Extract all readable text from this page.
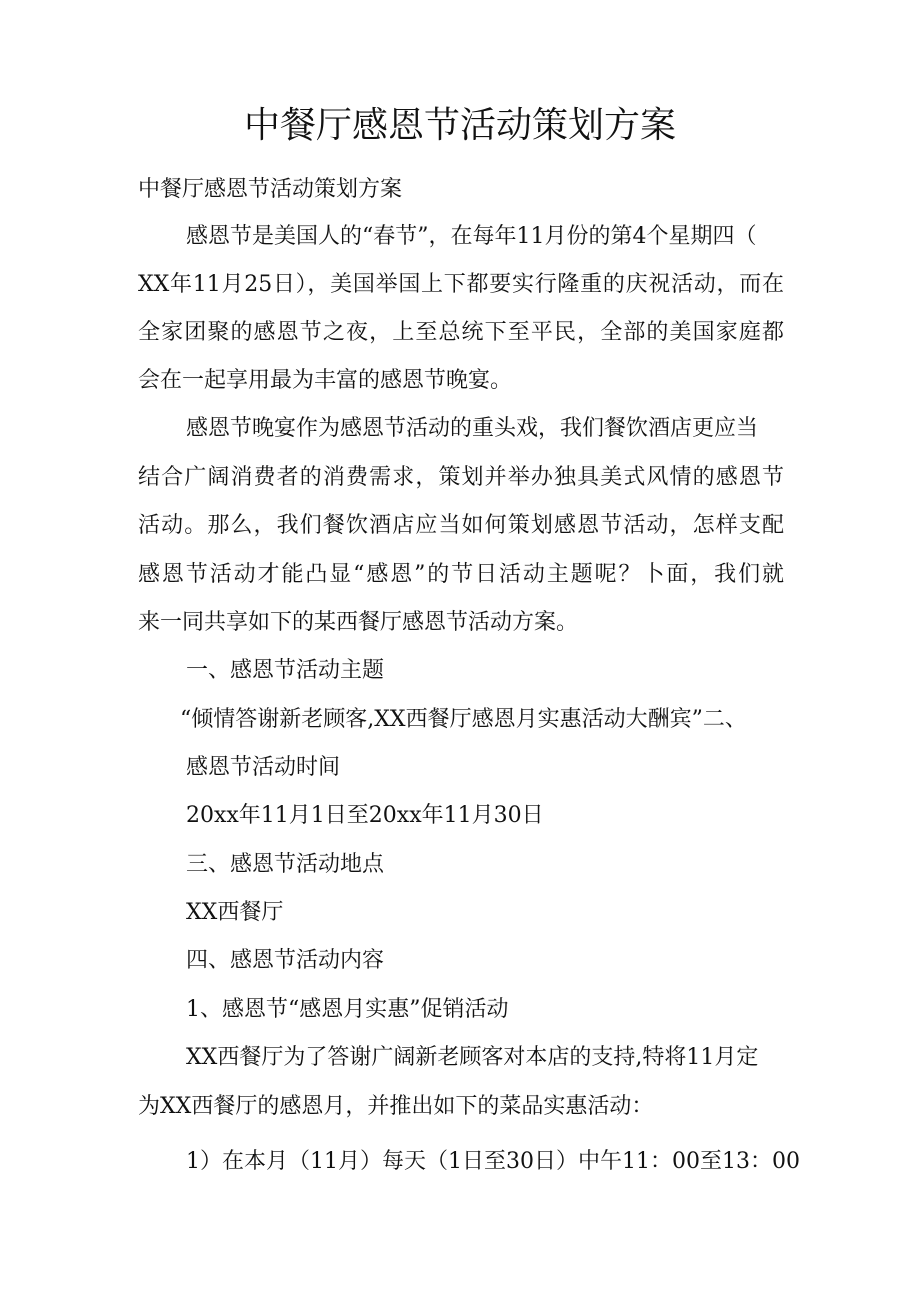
中餐厅感恩节活动策划方案
中餐厅感恩节活动策划方案
感恩节是美国人的“春节”，在每年11月份的第4个星期四（
XX年11月25日），美国举国上下都要实行隆重的庆祝活动，而在
全家团聚的感恩节之夜，上至总统下至平民，全部的美国家庭都
会在一起享用最为丰富的感恩节晚宴。
感恩节晚宴作为感恩节活动的重头戏，我们餐饮酒店更应当
结合广阔消费者的消费需求，策划并举办独具美式风情的感恩节
活动。那么，我们餐饮酒店应当如何策划感恩节活动，怎样支配
感恩节活动才能凸显“感恩”的节日活动主题呢？卜面，我们就
来一同共享如下的某西餐厅感恩节活动方案。
一、感恩节活动主题
“倾情答谢新老顾客,XX西餐厅感恩月实惠活动大酬宾”二、
感恩节活动时间
20xx年11月1日至20xx年11月30日
三、感恩节活动地点
XX西餐厅
四、感恩节活动内容
1、感恩节“感恩月实惠”促销活动
XX西餐厅为了答谢广阔新老顾客对本店的支持,特将11月定
为XX西餐厅的感恩月，并推出如下的菜品实惠活动：
1）在本月（11月）每天（1日至30日）中午11：00至13：00
